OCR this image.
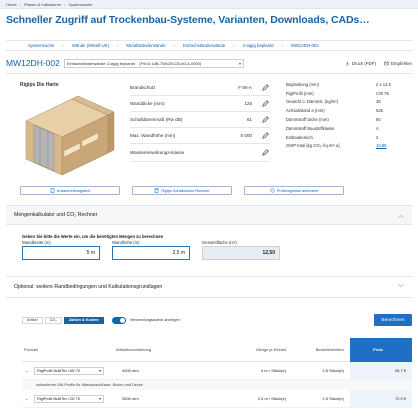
Home › Planen & Kalkulieren › Systemsuche
Schneller Zugriff auf Trockenbau-Systeme, Varianten, Downloads, CADs…
Systemsuche › Wände (Metall-UK) › Metallständerwände › Einfachständerwände › 2-lagig beplankt › MW12DH-002
MW12DH-002 Einfachständerwände 2-lagig beplankt    (FW-6 1dB-75/625/125-60-A-0000)	▾	Druck (PDF)	Empfehlen
Rigips Die Harte	Brandschutz	F 90-A
Wanddicke (mm)	125
Schalldämmmaß (Rw dB)	61
Max. Wandhöhe (mm)	5 000
Wassereinwirkungs-klasse
Beplankung (mm)	2 x 12,5
RigiProfil (mm)	CW 75
Gewicht o. Dämmst. (kg/m²)	36
Achsabstand a (mm)	625
Dämmstoff Dicke (mm)	60
Dämmstoff Baustoffklasse	A
Einbaubereich	2
GWP-total [kg CO₂-Äq./m² a]	10,85
Ausschreibungstext	Rigips Schallschutz Rechner	Prüfzeugnisse anfordern
Mengenkalkulator und CO₂ Rechner	︿
Geben Sie bitte die Werte ein, um die benötigten Mengen zu berechnen
Wandbreite (m)
5 m
Wandhöhe (m)
2,5 m
Gesamtfläche (m²)
12,50
Optional: weitere Randbedingungen und Kalkulationsgrundlagen	﹀
Artikel	CO₂	Zahlen & Kosten	Verwendungszweck anzeigen	Berechnen
Produkt	Artikelbeschreibung	Menge je Einheit	Bestelleinheiten	Preis
⌄	RigiProfil MultiTec UW 75	▾	4000 mm	4 m / Stück(e)	2,5 Stück(e)	28,7 €
umlaufende UW-Profile für Wandanschlüsse, Boden und Decke
⌄	RigiProfil MultiTec CW 75	▾	2600 mm	2,5 m / Stück(e)	2,5 Stück(e)	72,9 €
